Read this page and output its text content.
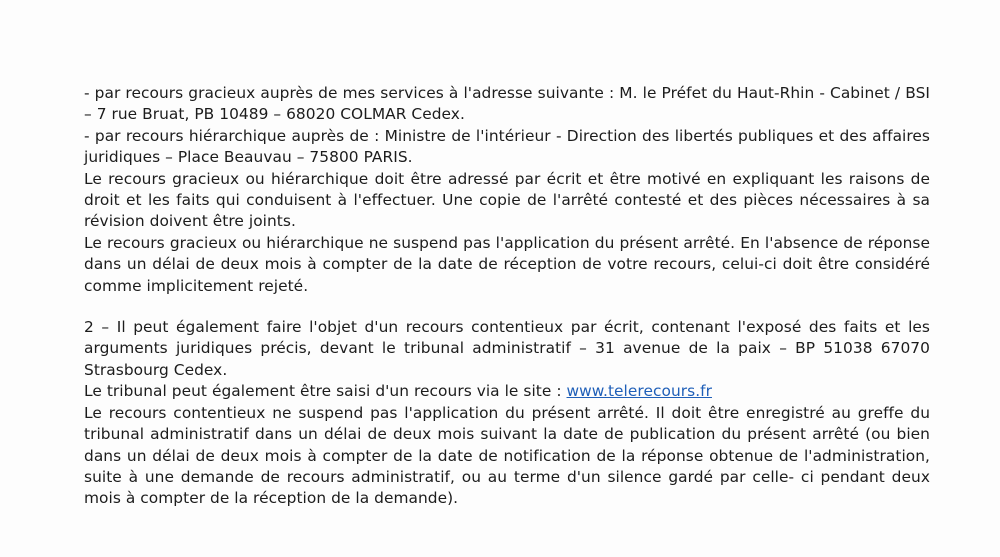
- par recours gracieux auprès de mes services à l'adresse suivante : M. le Préfet du Haut-Rhin - Cabinet / BSI – 7 rue Bruat, PB 10489 – 68020 COLMAR Cedex.

- par recours hiérarchique auprès de : Ministre de l'intérieur - Direction des libertés publiques et des affaires juridiques – Place Beauvau – 75800 PARIS.

Le recours gracieux ou hiérarchique doit être adressé par écrit et être motivé en expliquant les raisons de droit et les faits qui conduisent à l'effectuer. Une copie de l'arrêté contesté et des pièces nécessaires à sa révision doivent être joints.

Le recours gracieux ou hiérarchique ne suspend pas l'application du présent arrêté. En l'absence de réponse dans un délai de deux mois à compter de la date de réception de votre recours, celui-ci doit être considéré comme implicitement rejeté.

2 – Il peut également faire l'objet d'un recours contentieux par écrit, contenant l'exposé des faits et les arguments juridiques précis, devant le tribunal administratif – 31 avenue de la paix – BP 51038 67070 Strasbourg Cedex.

Le tribunal peut également être saisi d'un recours via le site : www.telerecours.fr

Le recours contentieux ne suspend pas l'application du présent arrêté. Il doit être enregistré au greffe du tribunal administratif dans un délai de deux mois suivant la date de publication du présent arrêté (ou bien dans un délai de deux mois à compter de la date de notification de la réponse obtenue de l'administration, suite à une demande de recours administratif, ou au terme d'un silence gardé par celle- ci pendant deux mois à compter de la réception de la demande).
